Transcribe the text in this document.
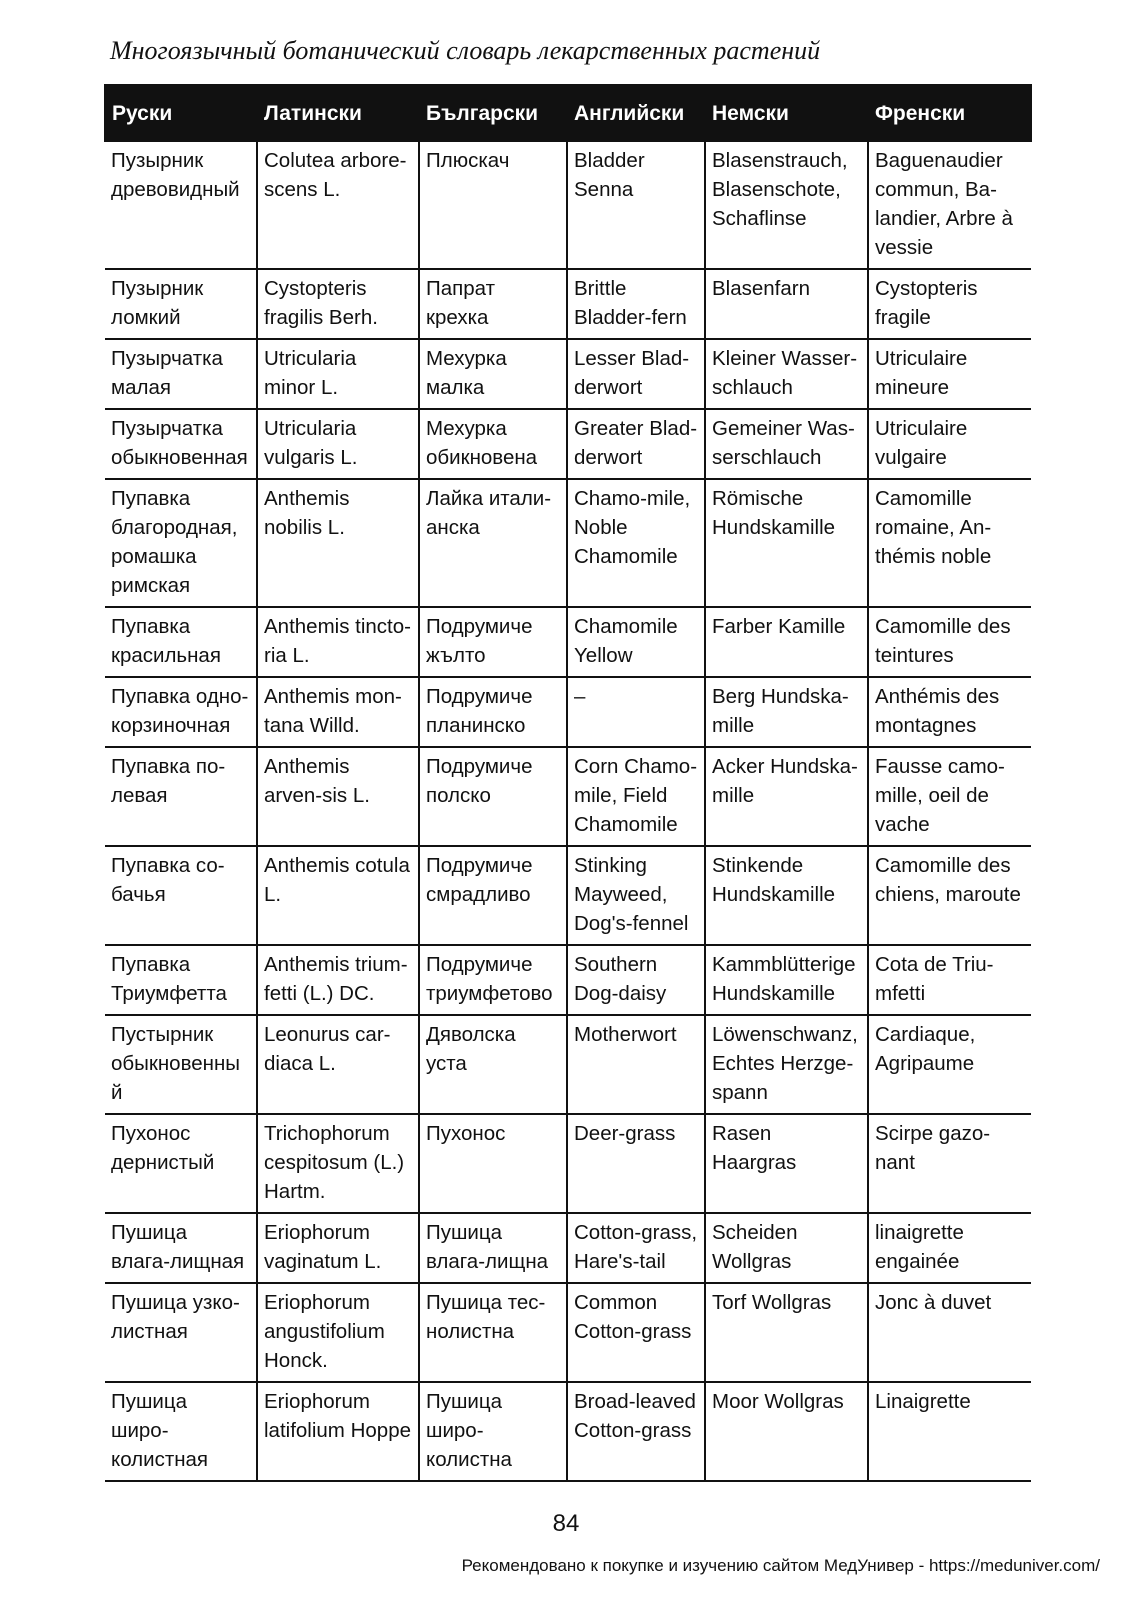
Многоязычный ботанический словарь лекарственных растений
Руски	Латински	Български	Английски	Немски	Френски
Пузырник древовидный	Colutea arbore-scens L.	Плюскач	Bladder Senna	Blasenstrauch, Blasenschote, Schaflinse	Baguenaudier commun, Ba-landier, Arbre à vessie
Пузырник ломкий	Cystopteris fragilis Berh.	Папрат крехка	Brittle Bladder-fern	Blasenfarn	Cystopteris fragile
Пузырчатка малая	Utricularia minor L.	Мехурка малка	Lesser Blad-derwort	Kleiner Wasser-schlauch	Utriculaire mineure
Пузырчатка обыкновенная	Utricularia vulgaris L.	Мехурка обикновена	Greater Blad-derwort	Gemeiner Was-serschlauch	Utriculaire vulgaire
Пупавка благородная, ромашка римская	Anthemis nobilis L.	Лайка итали-анска	Chamo-mile, Noble Chamomile	Römische Hundskamille	Camomille romaine, An-thémis noble
Пупавка красильная	Anthemis tincto-ria L.	Подрумиче жълто	Chamomile Yellow	Farber Kamille	Camomille des teintures
Пупавка одно-корзиночная	Anthemis mon-tana Willd.	Подрумиче планинско	–	Berg Hundska-mille	Anthémis des montagnes
Пупавка по-левая	Anthemis arven-sis L.	Подрумиче полско	Corn Chamo-mile, Field Chamomile	Acker Hundska-mille	Fausse camo-mille, oeil de vache
Пупавка со-бачья	Anthemis cotula L.	Подрумиче смрадливо	Stinking Mayweed, Dog's-fennel	Stinkende Hundskamille	Camomille des chiens, maroute
Пупавка Триумфетта	Anthemis trium-fetti (L.) DC.	Подрумиче триумфетово	Southern Dog-daisy	Kammblütterige Hundskamille	Cota de Triu-mfetti
Пустырник обыкновенный	Leonurus car-diaca L.	Дяволска уста	Motherwort	Löwenschwanz, Echtes Herzge-spann	Cardiaque, Agripaume
Пухонос дернистый	Trichophorum cespitosum (L.) Hartm.	Пухонос	Deer-grass	Rasen Haargras	Scirpe gazo-nant
Пушица влага-лищная	Eriophorum vaginatum L.	Пушица влага-лищна	Cotton-grass, Hare's-tail	Scheiden Wollgras	linaigrette engainée
Пушица узко-листная	Eriophorum angustifolium Honck.	Пушица тес-нолистна	Common Cotton-grass	Torf Wollgras	Jonc à duvet
Пушица широ-колистная	Eriophorum latifolium Hoppe	Пушица широ-колистна	Broad-leaved Cotton-grass	Moor Wollgras	Linaigrette
84
Рекомендовано к покупке и изучению сайтом МедУнивер - https://meduniver.com/
